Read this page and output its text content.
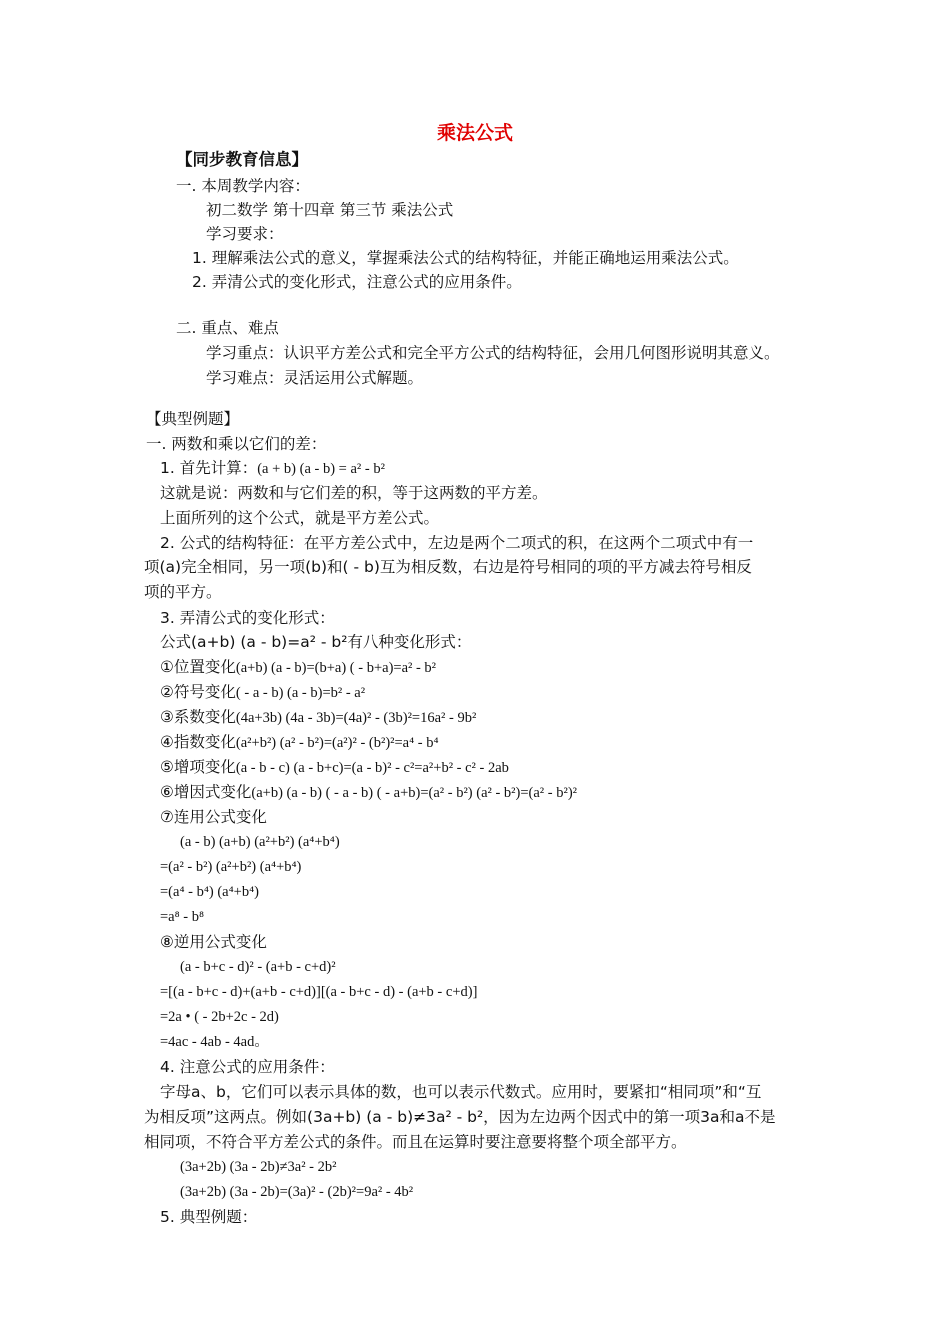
乘法公式
【同步教育信息】
一. 本周教学内容：
初二数学 第十四章 第三节 乘法公式
学习要求：
1. 理解乘法公式的意义，掌握乘法公式的结构特征，并能正确地运用乘法公式。
2. 弄清公式的变化形式，注意公式的应用条件。
二. 重点、难点
学习重点：认识平方差公式和完全平方公式的结构特征，会用几何图形说明其意义。
学习难点：灵活运用公式解题。
【典型例题】
一. 两数和乘以它们的差：
1. 首先计算：(a + b) (a - b) = a² - b²
这就是说：两数和与它们差的积，等于这两数的平方差。
上面所列的这个公式，就是平方差公式。
2. 公式的结构特征：在平方差公式中，左边是两个二项式的积，在这两个二项式中有一
项(a)完全相同，另一项(b)和( - b)互为相反数，右边是符号相同的项的平方减去符号相反
项的平方。
3. 弄清公式的变化形式：
公式(a+b) (a - b)=a² - b²有八种变化形式：
①位置变化(a+b) (a - b)=(b+a) ( - b+a)=a² - b²
②符号变化( - a - b) (a - b)=b² - a²
③系数变化(4a+3b) (4a - 3b)=(4a)² - (3b)²=16a² - 9b²
④指数变化(a²+b²) (a² - b²)=(a²)² - (b²)²=a⁴ - b⁴
⑤增项变化(a - b - c) (a - b+c)=(a - b)² - c²=a²+b² - c² - 2ab
⑥增因式变化(a+b) (a - b) ( - a - b) ( - a+b)=(a² - b²) (a² - b²)=(a² - b²)²
⑦连用公式变化
(a - b) (a+b) (a²+b²) (a⁴+b⁴)
=(a² - b²) (a²+b²) (a⁴+b⁴)
=(a⁴ - b⁴) (a⁴+b⁴)
=a⁸ - b⁸
⑧逆用公式变化
(a - b+c - d)² - (a+b - c+d)²
=[(a - b+c - d)+(a+b - c+d)][(a - b+c - d) - (a+b - c+d)]
=2a • ( - 2b+2c - 2d)
=4ac - 4ab - 4ad。
4. 注意公式的应用条件：
字母a、b，它们可以表示具体的数，也可以表示代数式。应用时，要紧扣“相同项”和“互
为相反项”这两点。例如(3a+b) (a - b)≠3a² - b²，因为左边两个因式中的第一项3a和a不是
相同项，不符合平方差公式的条件。而且在运算时要注意要将整个项全部平方。
(3a+2b) (3a - 2b)≠3a² - 2b²
(3a+2b) (3a - 2b)=(3a)² - (2b)²=9a² - 4b²
5. 典型例题：
